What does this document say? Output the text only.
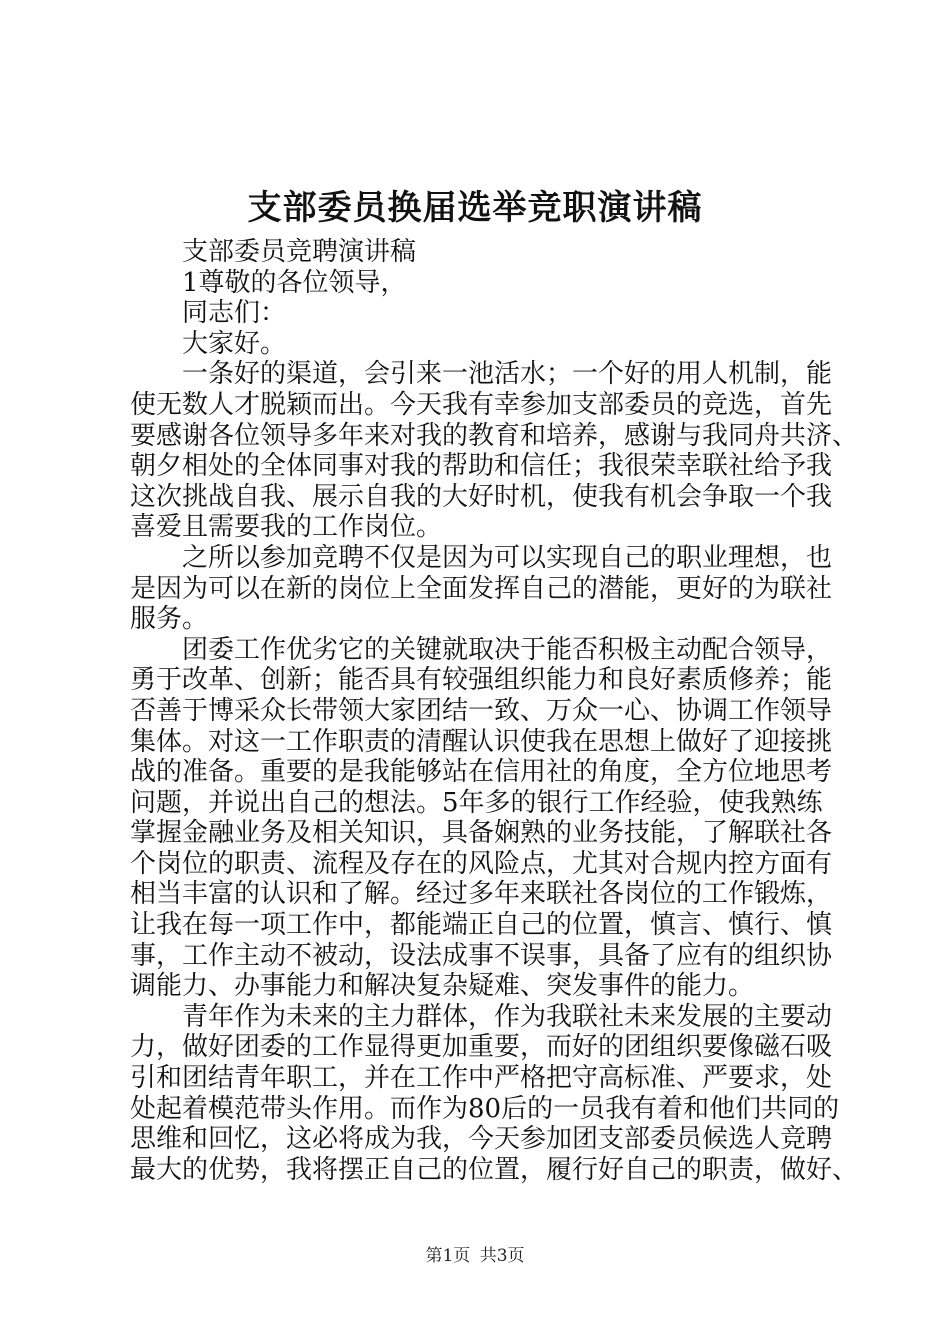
支部委员换届选举竞职演讲稿

　　支部委员竞聘演讲稿

　　1尊敬的各位领导，

　　同志们：

　　大家好。

　　一条好的渠道，会引来一池活水；一个好的用人机制，能

使无数人才脱颖而出。今天我有幸参加支部委员的竞选，首先

要感谢各位领导多年来对我的教育和培养，感谢与我同舟共济、

朝夕相处的全体同事对我的帮助和信任；我很荣幸联社给予我

这次挑战自我、展示自我的大好时机，使我有机会争取一个我

喜爱且需要我的工作岗位。

　　之所以参加竞聘不仅是因为可以实现自己的职业理想，也

是因为可以在新的岗位上全面发挥自己的潜能，更好的为联社

服务。

　　团委工作优劣它的关键就取决于能否积极主动配合领导，

勇于改革、创新；能否具有较强组织能力和良好素质修养；能

否善于博采众长带领大家团结一致、万众一心、协调工作领导

集体。对这一工作职责的清醒认识使我在思想上做好了迎接挑

战的准备。重要的是我能够站在信用社的角度，全方位地思考

问题，并说出自己的想法。5年多的银行工作经验，使我熟练

掌握金融业务及相关知识，具备娴熟的业务技能，了解联社各

个岗位的职责、流程及存在的风险点，尤其对合规内控方面有

相当丰富的认识和了解。经过多年来联社各岗位的工作锻炼，

让我在每一项工作中，都能端正自己的位置，慎言、慎行、慎

事，工作主动不被动，设法成事不误事，具备了应有的组织协

调能力、办事能力和解决复杂疑难、突发事件的能力。

　　青年作为未来的主力群体，作为我联社未来发展的主要动

力，做好团委的工作显得更加重要，而好的团组织要像磁石吸

引和团结青年职工，并在工作中严格把守高标准、严要求，处

处起着模范带头作用。而作为80后的一员我有着和他们共同的

思维和回忆，这必将成为我，今天参加团支部委员候选人竞聘

最大的优势，我将摆正自己的位置，履行好自己的职责，做好、

第1页 共3页
